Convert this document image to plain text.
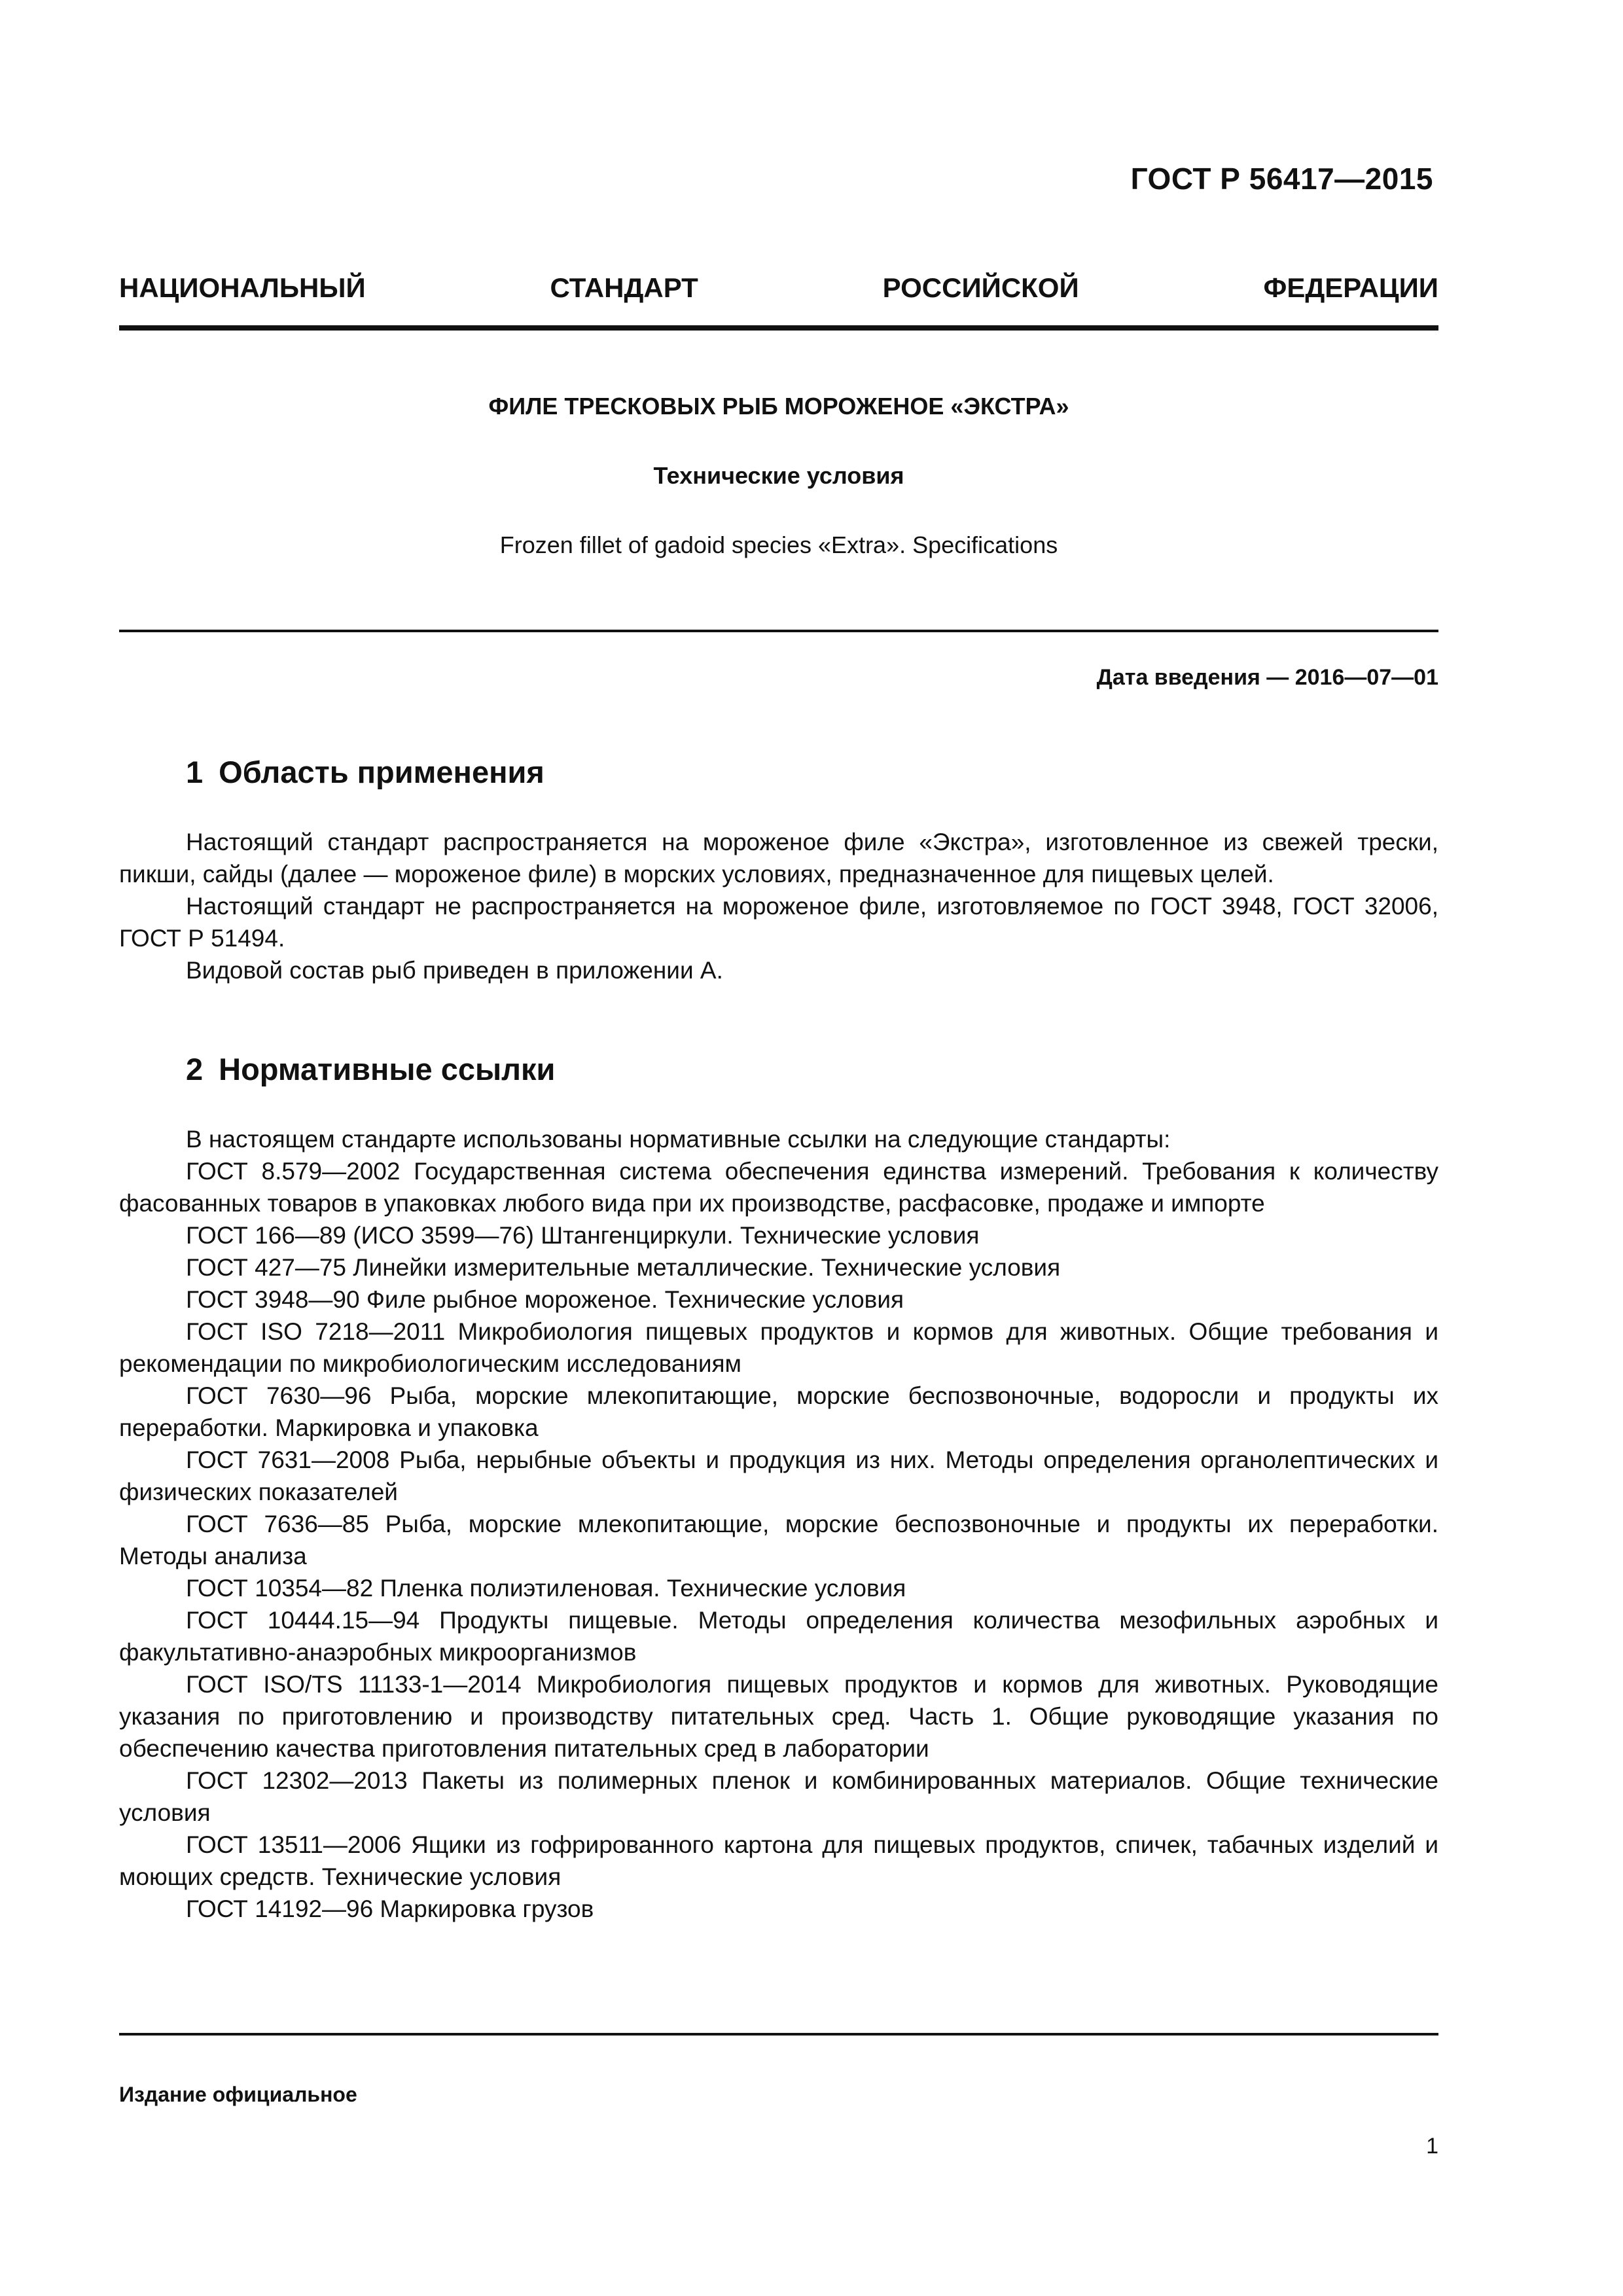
ГОСТ Р 56417—2015
НАЦИОНАЛЬНЫЙ	СТАНДАРТ	РОССИЙСКОЙ	ФЕДЕРАЦИИ
ФИЛЕ ТРЕСКОВЫХ РЫБ МОРОЖЕНОЕ «ЭКСТРА»
Технические условия
Frozen fillet of gadoid species «Extra». Specifications
Дата введения — 2016—07—01
1 Область применения

Настоящий стандарт распространяется на мороженое филе «Экстра», изготовленное из свежей трески, пикши, сайды (далее — мороженое филе) в морских условиях, предназначенное для пищевых целей.

Настоящий стандарт не распространяется на мороженое филе, изготовляемое по ГОСТ 3948, ГОСТ 32006, ГОСТ Р 51494.

Видовой состав рыб приведен в приложении А.

2 Нормативные ссылки

В настоящем стандарте использованы нормативные ссылки на следующие стандарты:

ГОСТ 8.579—2002 Государственная система обеспечения единства измерений. Требования к количеству фасованных товаров в упаковках любого вида при их производстве, расфасовке, продаже и импорте

ГОСТ 166—89 (ИСО 3599—76) Штангенциркули. Технические условия

ГОСТ 427—75 Линейки измерительные металлические. Технические условия

ГОСТ 3948—90 Филе рыбное мороженое. Технические условия

ГОСТ ISO 7218—2011 Микробиология пищевых продуктов и кормов для животных. Общие требования и рекомендации по микробиологическим исследованиям

ГОСТ 7630—96 Рыба, морские млекопитающие, морские беспозвоночные, водоросли и продукты их переработки. Маркировка и упаковка

ГОСТ 7631—2008 Рыба, нерыбные объекты и продукция из них. Методы определения органолептических и физических показателей

ГОСТ 7636—85 Рыба, морские млекопитающие, морские беспозвоночные и продукты их переработки. Методы анализа

ГОСТ 10354—82 Пленка полиэтиленовая. Технические условия

ГОСТ 10444.15—94 Продукты пищевые. Методы определения количества мезофильных аэробных и факультативно-анаэробных микроорганизмов

ГОСТ ISO/TS 11133-1—2014 Микробиология пищевых продуктов и кормов для животных. Руководящие указания по приготовлению и производству питательных сред. Часть 1. Общие руководящие указания по обеспечению качества приготовления питательных сред в лаборатории

ГОСТ 12302—2013 Пакеты из полимерных пленок и комбинированных материалов. Общие технические условия

ГОСТ 13511—2006 Ящики из гофрированного картона для пищевых продуктов, спичек, табачных изделий и моющих средств. Технические условия

ГОСТ 14192—96 Маркировка грузов

Издание официальное
1
